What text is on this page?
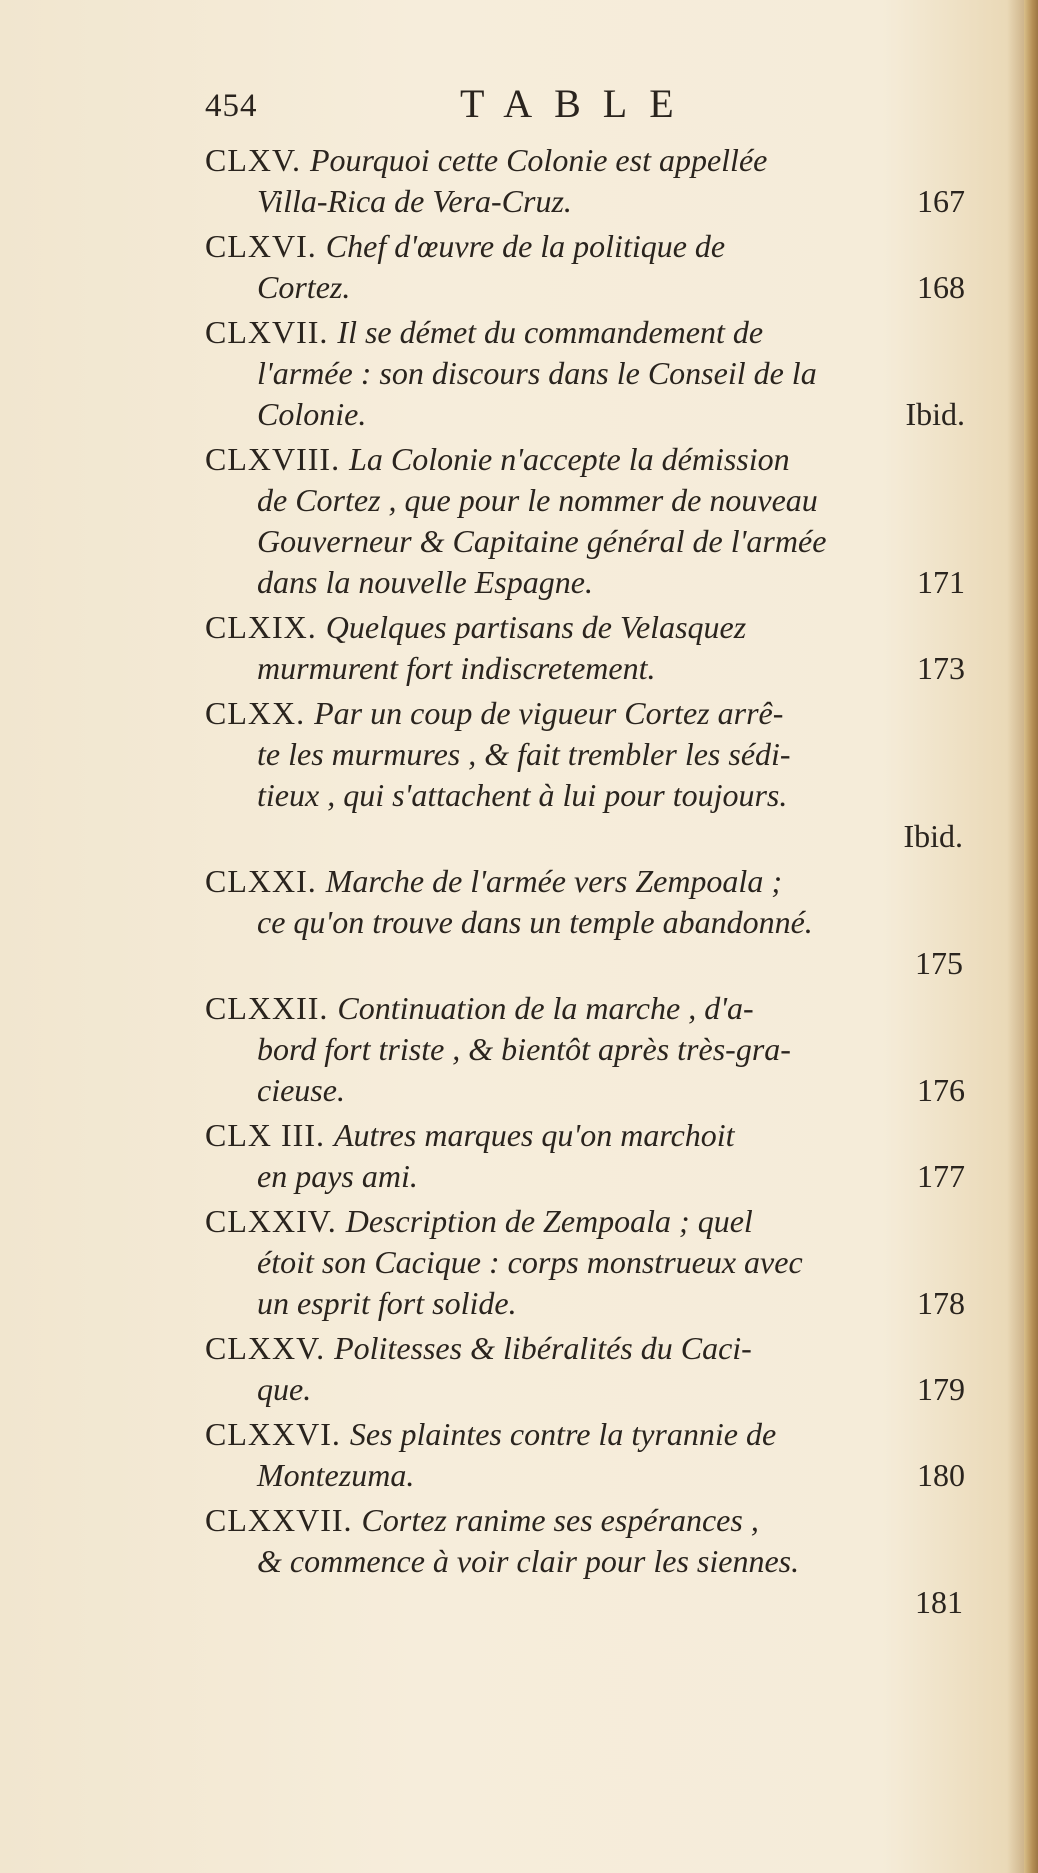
454	TABLE
CLXV. Pourquoi cette Colonie est appellée
Villa-Rica de Vera-Cruz.	167
CLXVI. Chef d'œuvre de la politique de
Cortez.	168
CLXVII. Il se démet du commandement de
l'armée : son discours dans le Conseil de la
Colonie.	Ibid.
CLXVIII. La Colonie n'accepte la démission
de Cortez , que pour le nommer de nouveau
Gouverneur & Capitaine général de l'armée
dans la nouvelle Espagne.	171
CLXIX. Quelques partisans de Velasquez
murmurent fort indiscretement.	173
CLXX. Par un coup de vigueur Cortez arrê-
te les murmures , & fait trembler les sédi-
tieux , qui s'attachent à lui pour toujours.
Ibid.
CLXXI. Marche de l'armée vers Zempoala ;
ce qu'on trouve dans un temple abandonné.
175
CLXXII. Continuation de la marche , d'a-
bord fort triste , & bientôt après très-gra-
cieuse.	176
CLX III. Autres marques qu'on marchoit
en pays ami.	177
CLXXIV. Description de Zempoala ; quel
étoit son Cacique : corps monstrueux avec
un esprit fort solide.	178
CLXXV. Politesses & libéralités du Caci-
que.	179
CLXXVI. Ses plaintes contre la tyrannie de
Montezuma.	180
CLXXVII. Cortez ranime ses espérances ,
& commence à voir clair pour les siennes.
181
